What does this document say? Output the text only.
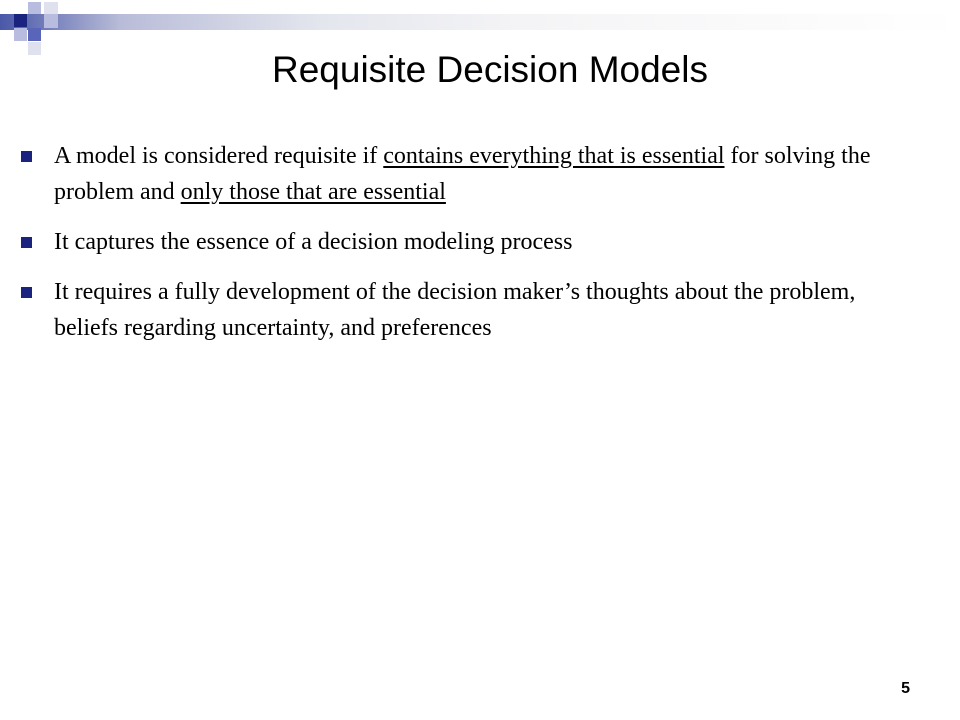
Requisite Decision Models
A model is considered requisite if contains everything that is essential for solving the problem and only those that are essential
It captures the essence of a decision modeling process
It requires a fully development of the decision maker’s thoughts about the problem, beliefs regarding uncertainty, and preferences
5
